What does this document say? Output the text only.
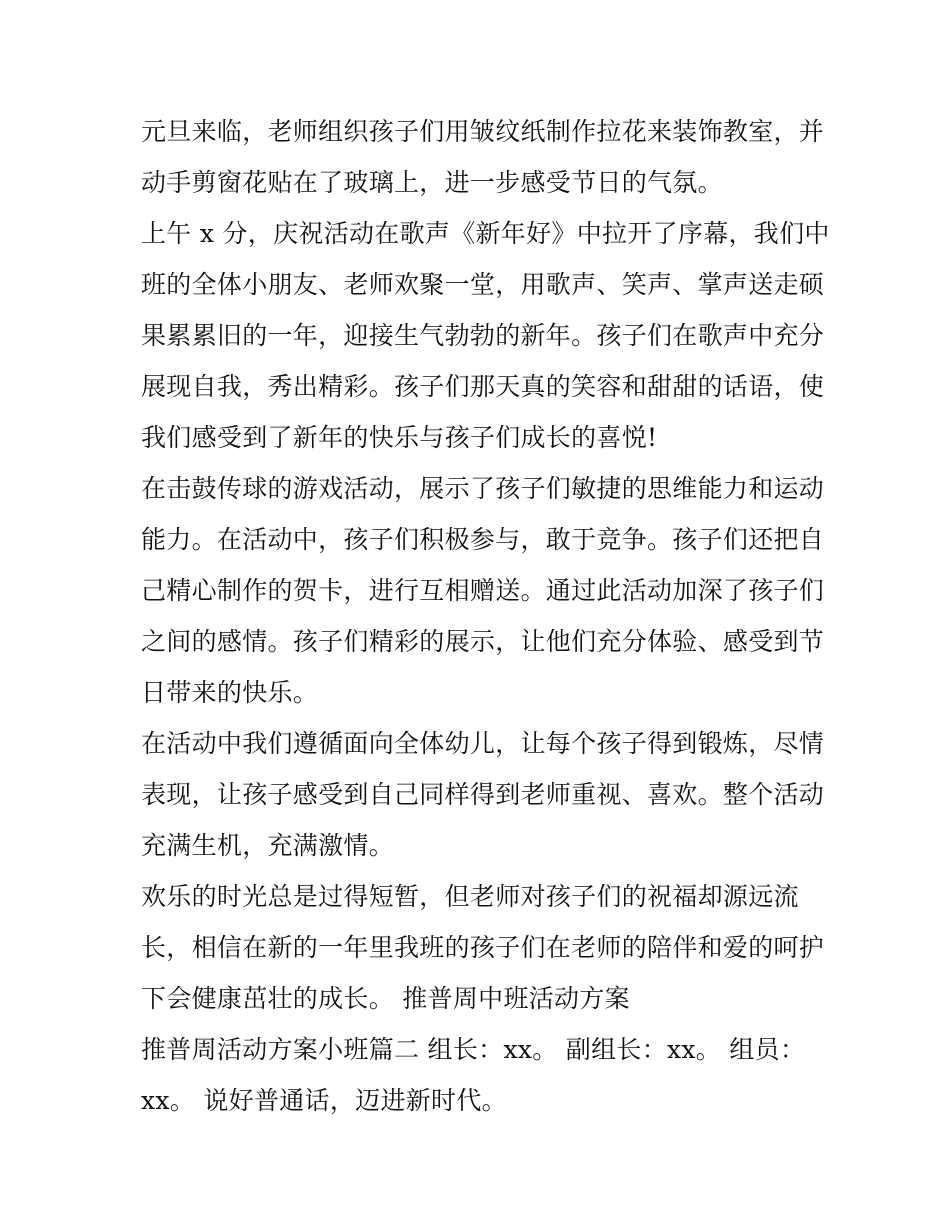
元旦来临，老师组织孩子们用皱纹纸制作拉花来装饰教室，并
动手剪窗花贴在了玻璃上，进一步感受节日的气氛。
上午 x 分，庆祝活动在歌声《新年好》中拉开了序幕，我们中
班的全体小朋友、老师欢聚一堂，用歌声、笑声、掌声送走硕
果累累旧的一年，迎接生气勃勃的新年。孩子们在歌声中充分
展现自我，秀出精彩。孩子们那天真的笑容和甜甜的话语，使
我们感受到了新年的快乐与孩子们成长的喜悦!
在击鼓传球的游戏活动，展示了孩子们敏捷的思维能力和运动
能力。在活动中，孩子们积极参与，敢于竞争。孩子们还把自
己精心制作的贺卡，进行互相赠送。通过此活动加深了孩子们
之间的感情。孩子们精彩的展示，让他们充分体验、感受到节
日带来的快乐。
在活动中我们遵循面向全体幼儿，让每个孩子得到锻炼，尽情
表现，让孩子感受到自己同样得到老师重视、喜欢。整个活动
充满生机，充满激情。
欢乐的时光总是过得短暂，但老师对孩子们的祝福却源远流
长，相信在新的一年里我班的孩子们在老师的陪伴和爱的呵护
下会健康茁壮的成长。 推普周中班活动方案
推普周活动方案小班篇二 组长：xx。 副组长：xx。 组员：
xx。 说好普通话，迈进新时代。
